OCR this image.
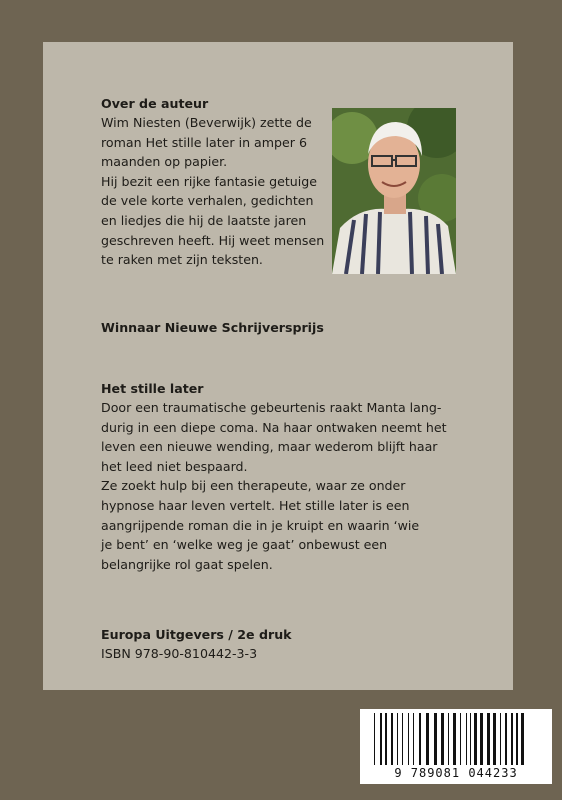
Over de auteur

Wim Niesten (Beverwijk) zette de

roman Het stille later in amper 6

maanden op papier.

Hij bezit een rijke fantasie getuige

de vele korte verhalen, gedichten

en liedjes die hij de laatste jaren

geschreven heeft. Hij weet mensen

te raken met zijn teksten.

Winnaar Nieuwe Schrijversprijs
Het stille later

Door een traumatische gebeurtenis raakt Manta lang-

durig in een diepe coma. Na haar ontwaken neemt het

leven een nieuwe wending, maar wederom blijft haar

het leed niet bespaard.

Ze zoekt hulp bij een therapeute, waar ze onder

hypnose haar leven vertelt. Het stille later is een

aangrijpende roman die in je kruipt en waarin ‘wie

je bent’ en ‘welke weg je gaat’ onbewust een

belangrijke rol gaat spelen.

Europa Uitgevers / 2e druk
ISBN 978-90-810442-3-3
9 789081 044233
